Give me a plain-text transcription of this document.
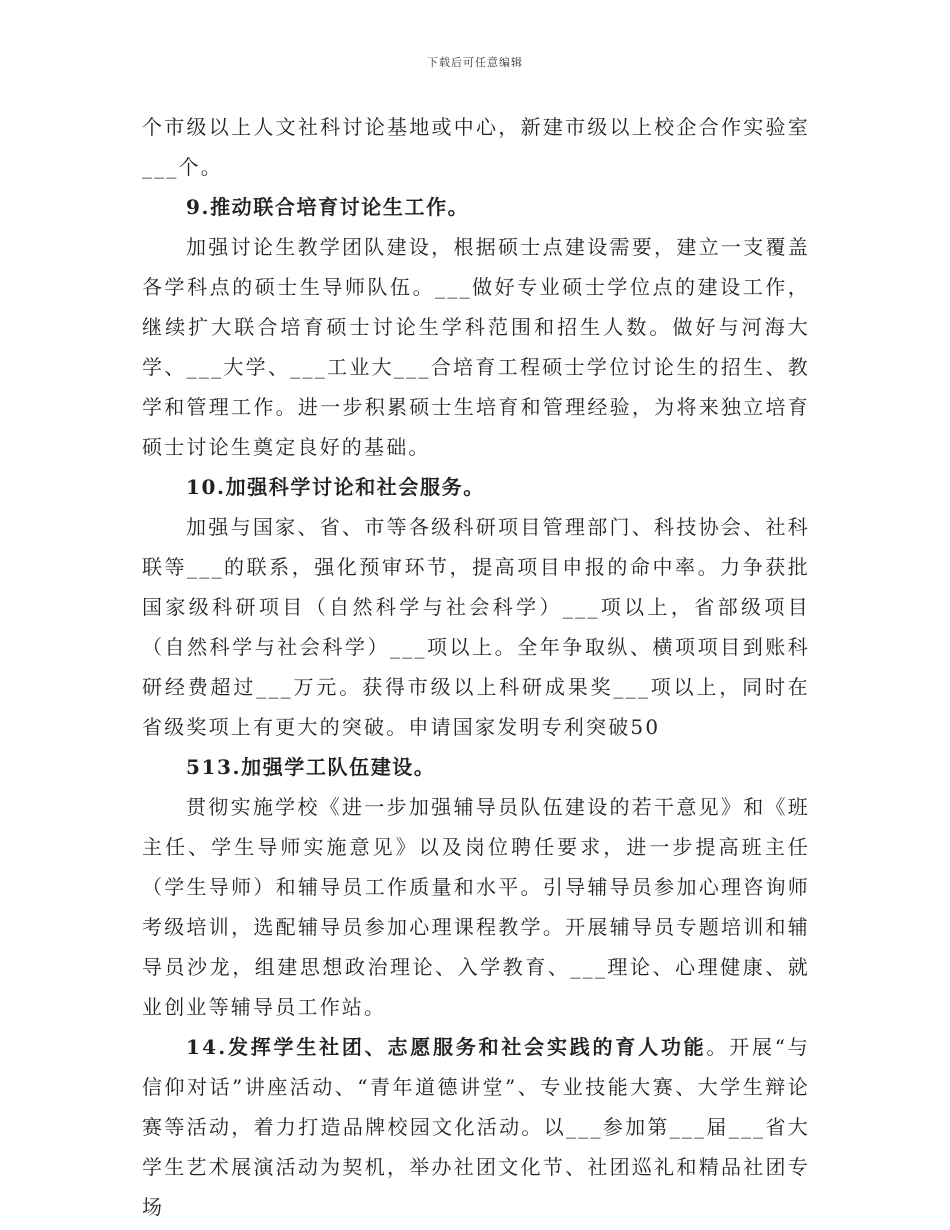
下载后可任意编辑

个市级以上人文社科讨论基地或中心，新建市级以上校企合作实验室___个。

9.推动联合培育讨论生工作。

加强讨论生教学团队建设，根据硕士点建设需要，建立一支覆盖各学科点的硕士生导师队伍。___做好专业硕士学位点的建设工作，继续扩大联合培育硕士讨论生学科范围和招生人数。做好与河海大学、___大学、___工业大___合培育工程硕士学位讨论生的招生、教学和管理工作。进一步积累硕士生培育和管理经验，为将来独立培育硕士讨论生奠定良好的基础。

10.加强科学讨论和社会服务。

加强与国家、省、市等各级科研项目管理部门、科技协会、社科联等___的联系，强化预审环节，提高项目申报的命中率。力争获批国家级科研项目（自然科学与社会科学）___项以上，省部级项目（自然科学与社会科学）___项以上。全年争取纵、横项项目到账科研经费超过___万元。获得市级以上科研成果奖___项以上，同时在省级奖项上有更大的突破。申请国家发明专利突破50

513.加强学工队伍建设。

贯彻实施学校《进一步加强辅导员队伍建设的若干意见》和《班主任、学生导师实施意见》以及岗位聘任要求，进一步提高班主任（学生导师）和辅导员工作质量和水平。引导辅导员参加心理咨询师考级培训，选配辅导员参加心理课程教学。开展辅导员专题培训和辅导员沙龙，组建思想政治理论、入学教育、___理论、心理健康、就业创业等辅导员工作站。

14.发挥学生社团、志愿服务和社会实践的育人功能。开展“与信仰对话”讲座活动、“青年道德讲堂”、专业技能大赛、大学生辩论赛等活动，着力打造品牌校园文化活动。以___参加第___届___省大学生艺术展演活动为契机，举办社团文化节、社团巡礼和精品社团专场
